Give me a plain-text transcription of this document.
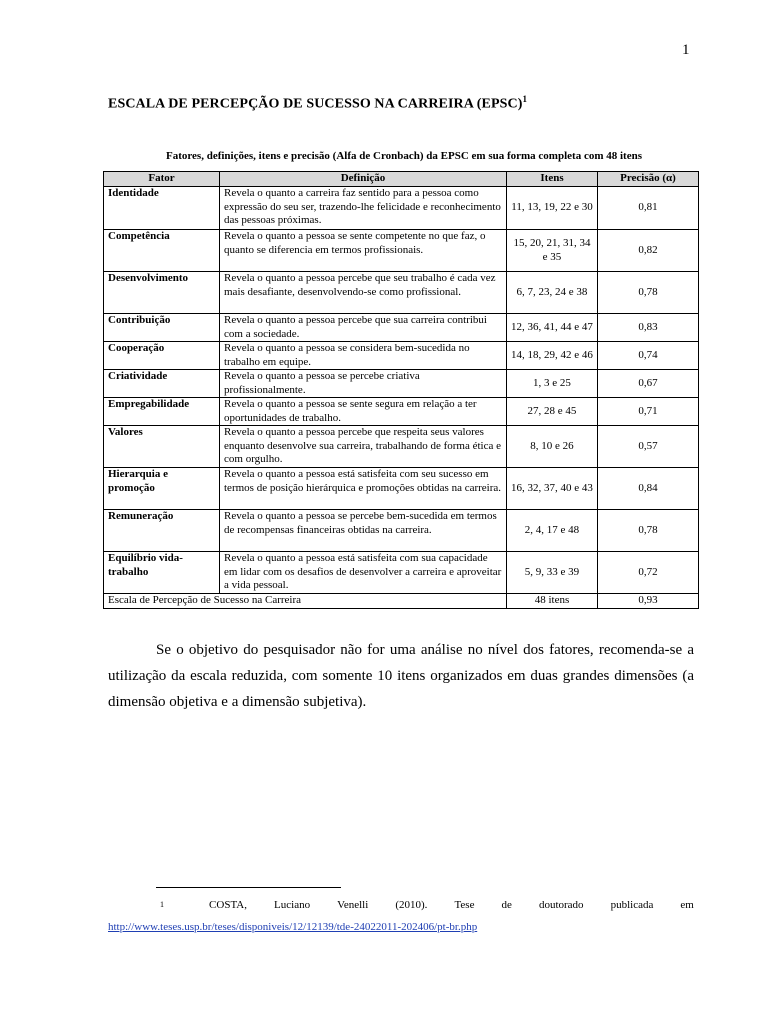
1
ESCALA DE PERCEPÇÃO DE SUCESSO NA CARREIRA (EPSC)$^1$

Fatores, definições, itens e precisão (Alfa de Cronbach) da EPSC em sua forma completa com 48 itens

Fator	Definição	Itens	Precisão (α)
Identidade	Revela o quanto a carreira faz sentido para a pessoa como expressão do seu ser, trazendo-lhe felicidade e reconhecimento das pessoas próximas.	11, 13, 19, 22 e 30	0,81
Competência	Revela o quanto a pessoa se sente competente no que faz, o quanto se diferencia em termos profissionais.	15, 20, 21, 31, 34 e 35	0,82
Desenvolvimento	Revela o quanto a pessoa percebe que seu trabalho é cada vez mais desafiante, desenvolvendo-se como profissional.	6, 7, 23, 24 e 38	0,78
Contribuição	Revela o quanto a pessoa percebe que sua carreira contribui com a sociedade.	12, 36, 41, 44 e 47	0,83
Cooperação	Revela o quanto a pessoa se considera bem-sucedida no trabalho em equipe.	14, 18, 29, 42 e 46	0,74
Criatividade	Revela o quanto a pessoa se percebe criativa profissionalmente.	1, 3 e 25	0,67
Empregabilidade	Revela o quanto a pessoa se sente segura em relação a ter oportunidades de trabalho.	27, 28 e 45	0,71
Valores	Revela o quanto a pessoa percebe que respeita seus valores enquanto desenvolve sua carreira, trabalhando de forma ética e com orgulho.	8, 10 e 26	0,57
Hierarquia e promoção	Revela o quanto a pessoa está satisfeita com seu sucesso em termos de posição hierárquica e promoções obtidas na carreira.	16, 32, 37, 40 e 43	0,84
Remuneração	Revela o quanto a pessoa se percebe bem-sucedida em termos de recompensas financeiras obtidas na carreira.	2, 4, 17 e 48	0,78
Equilíbrio vida-trabalho	Revela o quanto a pessoa está satisfeita com sua capacidade em lidar com os desafios de desenvolver a carreira e aproveitar a vida pessoal.	5, 9, 33 e 39	0,72
Escala de Percepção de Sucesso na Carreira		48 itens	0,93

Se o objetivo do pesquisador não for uma análise no nível dos fatores, recomenda-se a utilização da escala reduzida, com somente 10 itens organizados em duas grandes dimensões (a dimensão objetiva e a dimensão subjetiva).

1	COSTA, Luciano Venelli (2010). Tese de doutorado publicada em
http://www.teses.usp.br/teses/disponiveis/12/12139/tde-24022011-202406/pt-br.php
